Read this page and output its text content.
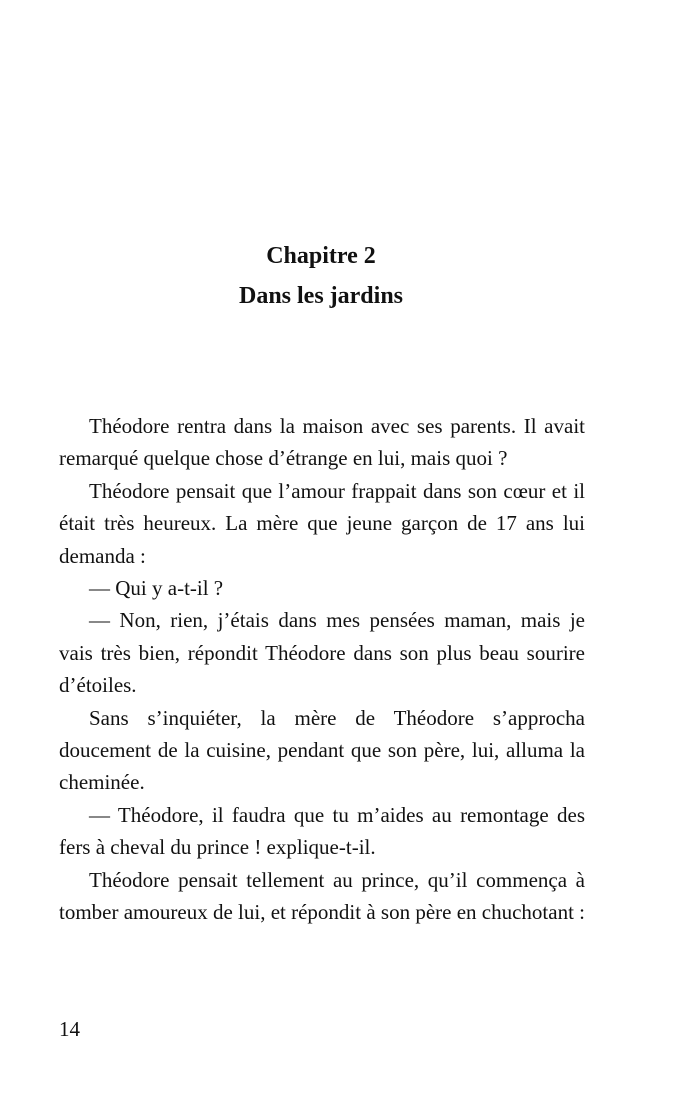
Chapitre 2
Dans les jardins

Théodore rentra dans la maison avec ses parents. Il avait remarqué quelque chose d’étrange en lui, mais quoi ?

Théodore pensait que l’amour frappait dans son cœur et il était très heureux. La mère que jeune garçon de 17 ans lui demanda :

— Qui y a-t-il ?

— Non, rien, j’étais dans mes pensées maman, mais je vais très bien, répondit Théodore dans son plus beau sourire d’étoiles.

Sans s’inquiéter, la mère de Théodore s’approcha doucement de la cuisine, pendant que son père, lui, alluma la cheminée.

— Théodore, il faudra que tu m’aides au remontage des fers à cheval du prince ! explique-t-il.

Théodore pensait tellement au prince, qu’il commença à tomber amoureux de lui, et répondit à son père en chuchotant :

14
